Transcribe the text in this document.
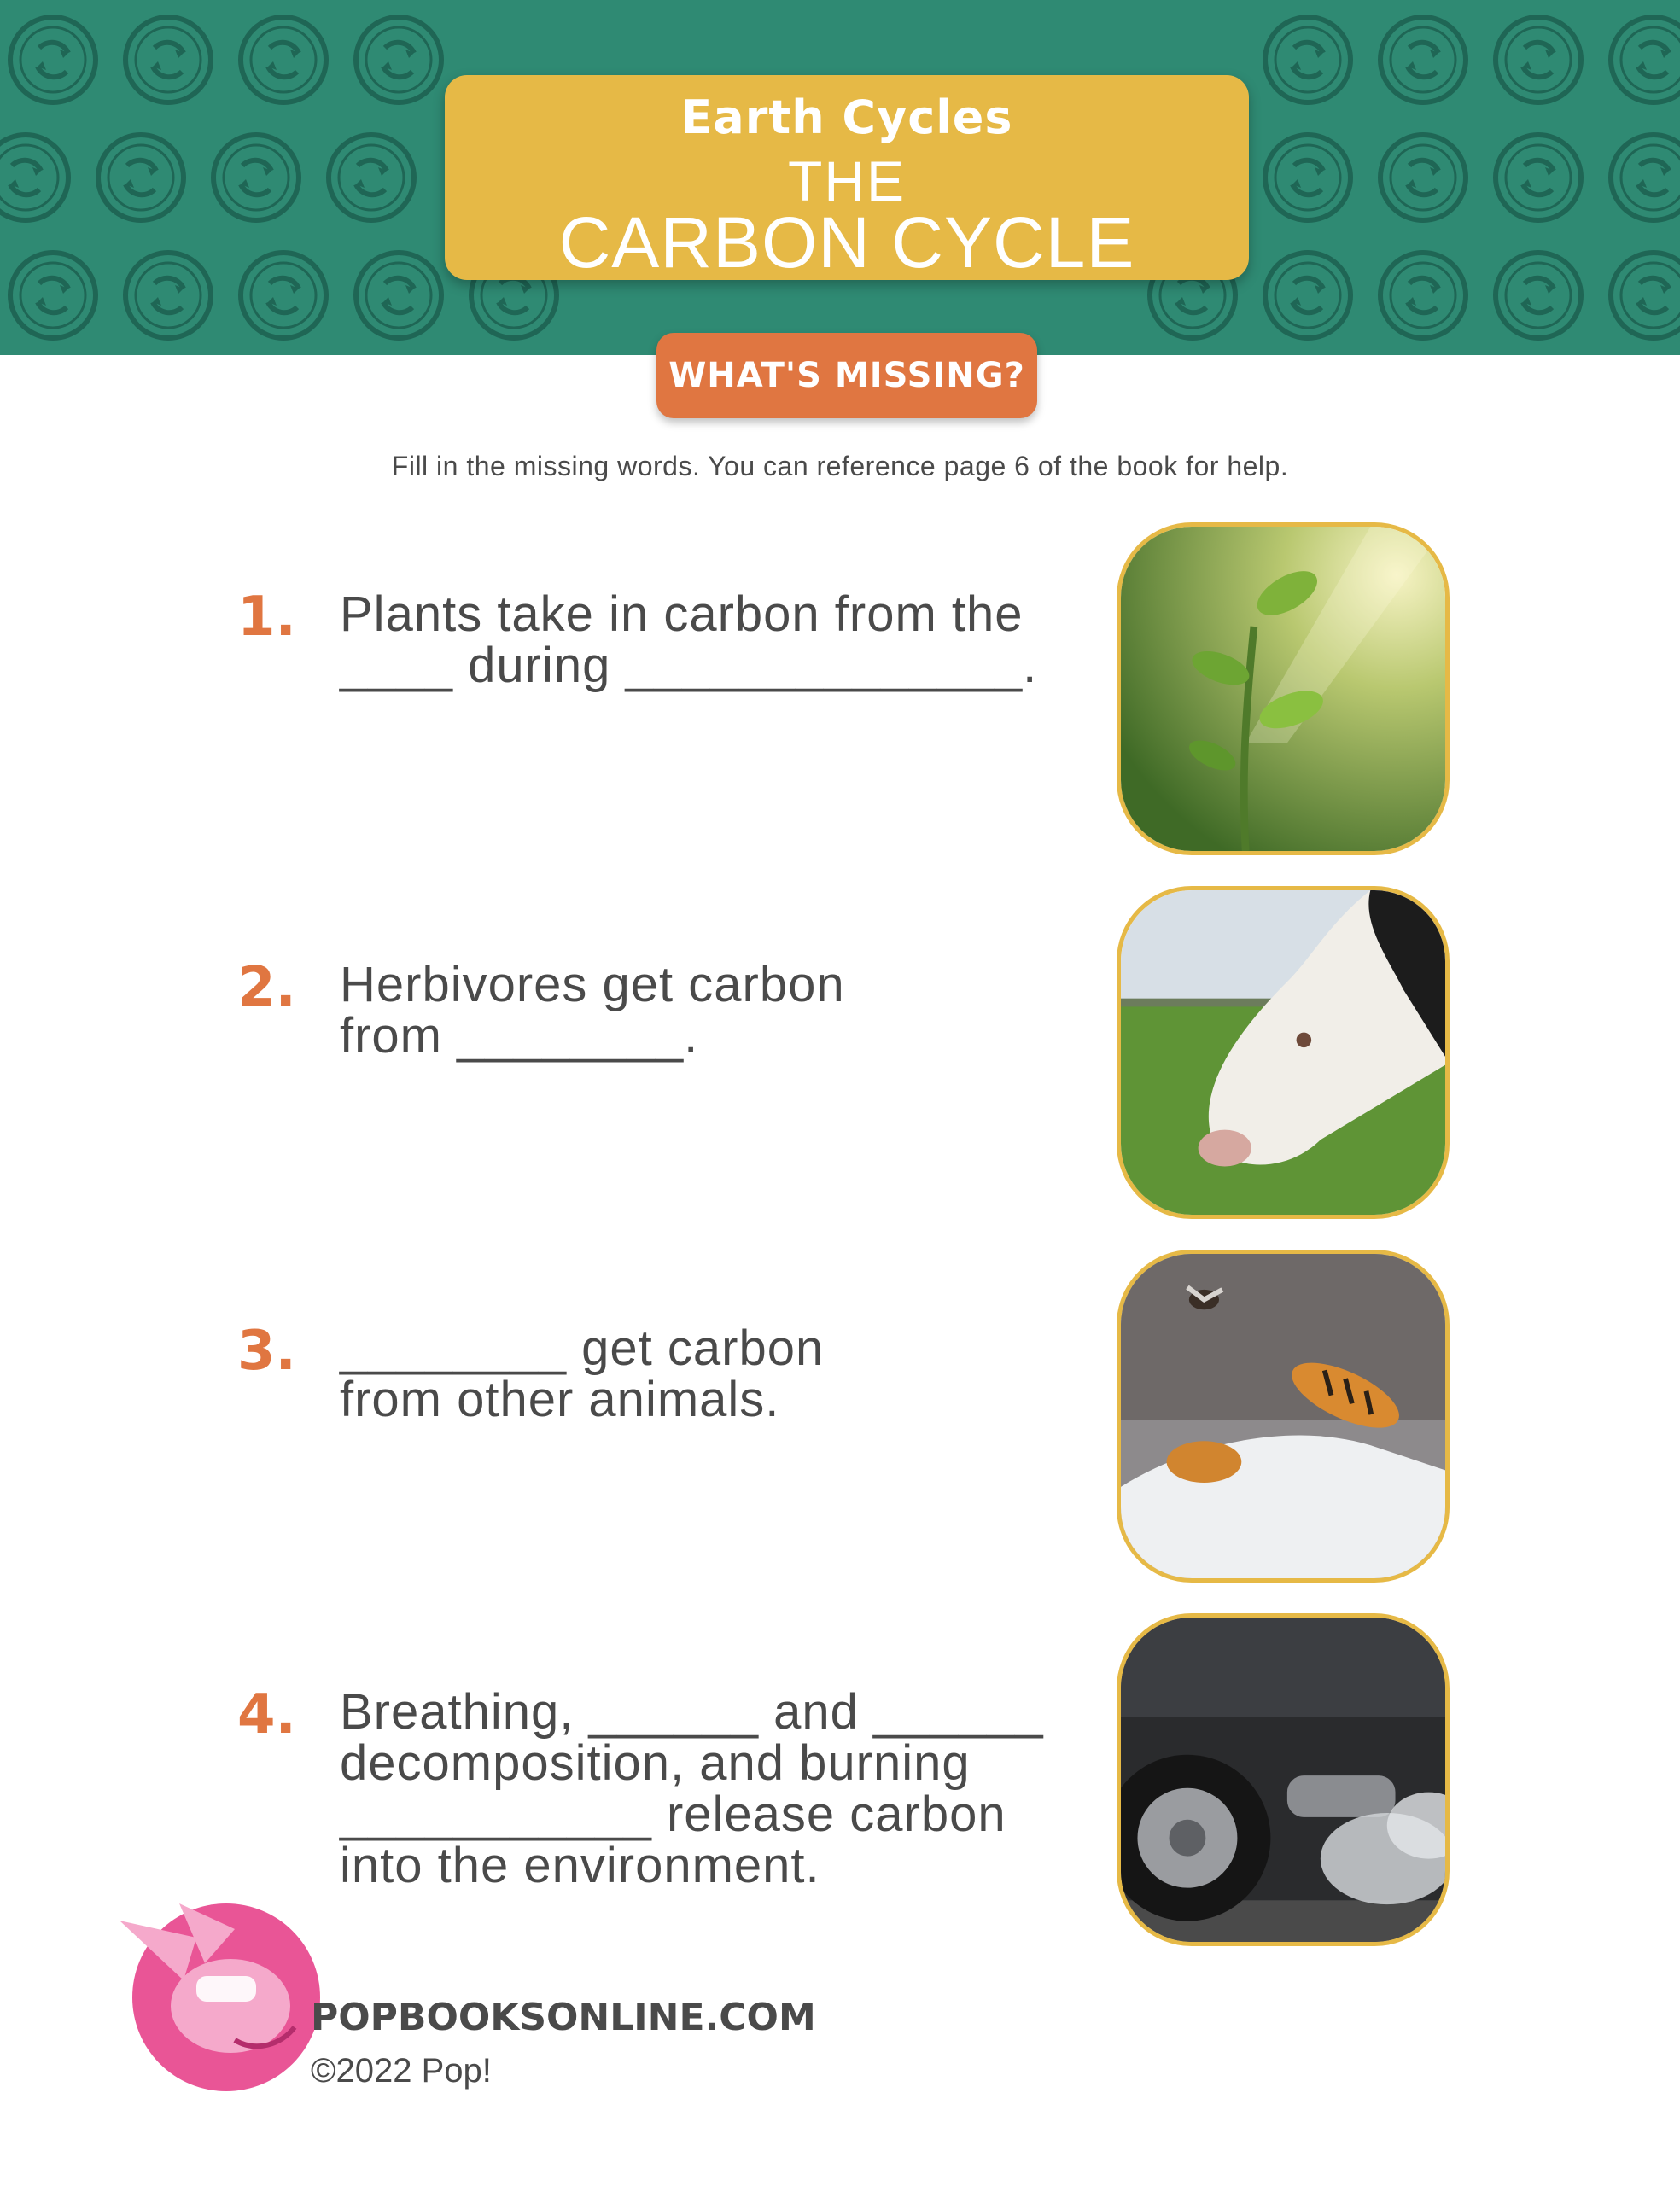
Earth Cycles
THE
CARBON CYCLE
WHAT'S MISSING?
Fill in the missing words. You can reference page 6 of the book for help.
1. Plants take in carbon from the
____ during ______________.
2. Herbivores get carbon
from ________.
3. ________ get carbon
from other animals.
4. Breathing, ______ and ______
decomposition, and burning
___________ release carbon
into the environment.
POPBOOKSONLINE.COM
©2022 Pop!
